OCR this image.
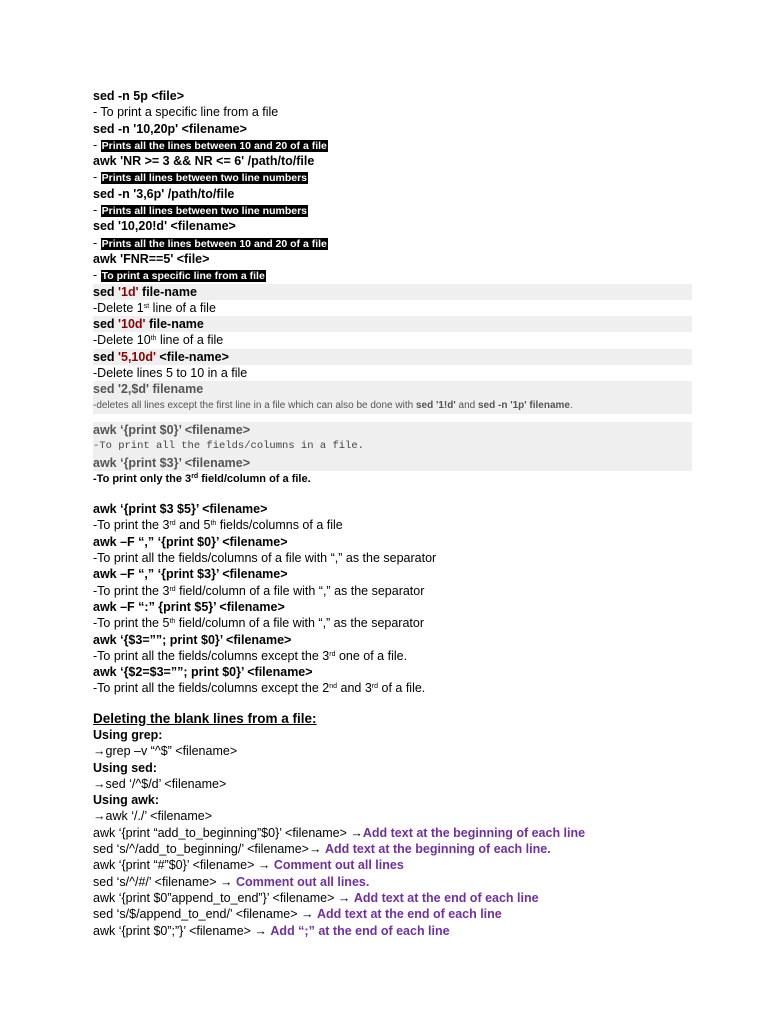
sed -n 5p <file>
- To print a specific line from a file
sed -n '10,20p' <filename>
- Prints all the lines between 10 and 20 of a file
awk 'NR >= 3 && NR <= 6' /path/to/file
- Prints all lines between two line numbers
sed -n '3,6p' /path/to/file
- Prints all lines between two line numbers
sed '10,20!d' <filename>
- Prints all the lines between 10 and 20 of a file
awk 'FNR==5' <file>
- To print a specific line from a file
sed '1d' file-name
-Delete 1st line of a file
sed '10d' file-name
-Delete 10th line of a file
sed '5,10d' <file-name>
-Delete lines 5 to 10 in a file
sed '2,$d' filename
-deletes all lines except the first line in a file which can also be done with sed '1!d' and sed -n '1p' filename.
awk ‘{print $0}’ <filename>
-To print all the fields/columns in a file.
awk ‘{print $3}’ <filename>
-To print only the 3rd field/column of a file.
awk ‘{print $3 $5}’ <filename>
-To print the 3rd and 5th fields/columns of a file
awk –F “,” ‘{print $0}’ <filename>
-To print all the fields/columns of a file with “,” as the separator
awk –F “,” ‘{print $3}’ <filename>
-To print the 3rd field/column of a file with “,” as the separator
awk –F “:” {print $5}’ <filename>
-To print the 5th field/column of a file with “,” as the separator
awk ‘{$3=””; print $0}’ <filename>
-To print all the fields/columns except the 3rd one of a file.
awk ‘{$2=$3=””; print $0}’ <filename>
-To print all the fields/columns except the 2nd and 3rd of a file.
Deleting the blank lines from a file:
Using grep:
→grep –v “^$” <filename>
Using sed:
→sed ‘/^$/d’ <filename>
Using awk:
→awk ‘/./’ <filename>
awk ‘{print “add_to_beginning”$0}’ <filename> →Add text at the beginning of each line
sed ‘s/^/add_to_beginning/’ <filename>→ Add text at the beginning of each line.
awk ‘{print “#”$0}’ <filename> → Comment out all lines
sed ‘s/^/#/’ <filename> → Comment out all lines.
awk ‘{print $0”append_to_end”}’ <filename> → Add text at the end of each line
sed ‘s/$/append_to_end/’ <filename> → Add text at the end of each line
awk ‘{print $0”;”}’ <filename> → Add “;” at the end of each line
